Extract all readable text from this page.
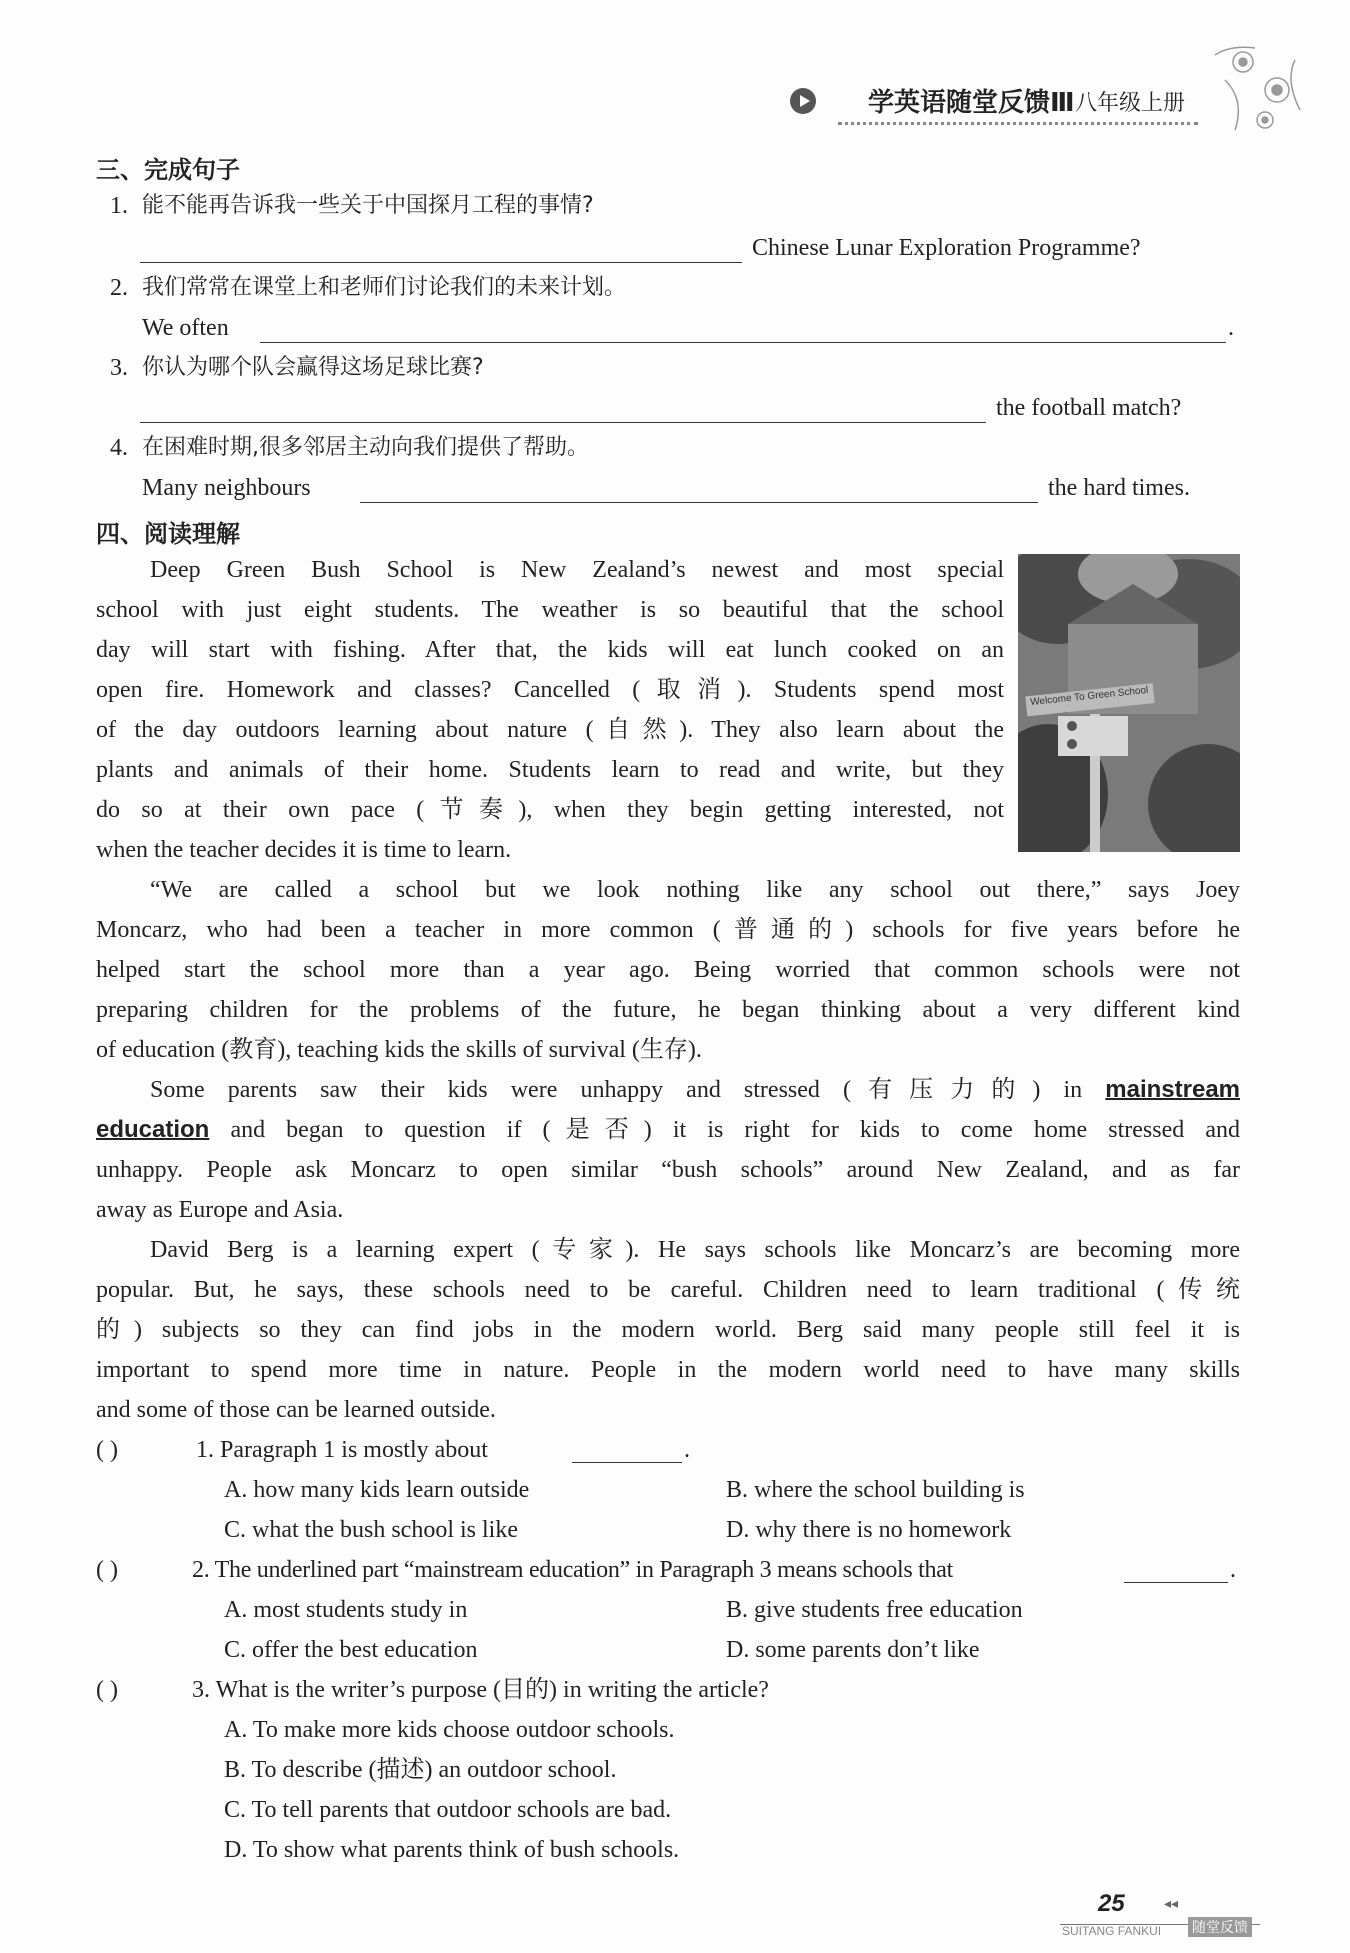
学英语随堂反馈Ⅲ 八年级上册
三、完成句子
1. 能不能再告诉我一些关于中国探月工程的事情?
Chinese Lunar Exploration Programme?
2. 我们常常在课堂上和老师们讨论我们的未来计划。
We often	.
3. 你认为哪个队会赢得这场足球比赛?
the football match?
4. 在困难时期,很多邻居主动向我们提供了帮助。
Many neighbours	the hard times.
四、阅读理解
Welcome To Green School
Deep Green Bush School is New Zealand’s newest and most special
school with just eight students. The weather is so beautiful that the school
day will start with fishing. After that, the kids will eat lunch cooked on an
open fire. Homework and classes? Cancelled (取消). Students spend most
of the day outdoors learning about nature (自然). They also learn about the
plants and animals of their home. Students learn to read and write, but they
do so at their own pace (节奏), when they begin getting interested, not
when the teacher decides it is time to learn.
“We are called a school but we look nothing like any school out there,” says Joey
Moncarz, who had been a teacher in more common (普通的) schools for five years before he
helped start the school more than a year ago. Being worried that common schools were not
preparing children for the problems of the future, he began thinking about a very different kind
of education (教育), teaching kids the skills of survival (生存).
Some parents saw their kids were unhappy and stressed (有压力的) in mainstream
education and began to question if (是否) it is right for kids to come home stressed and
unhappy. People ask Moncarz to open similar “bush schools” around New Zealand, and as far
away as Europe and Asia.
David Berg is a learning expert (专家). He says schools like Moncarz’s are becoming more
popular. But, he says, these schools need to be careful. Children need to learn traditional (传统
的) subjects so they can find jobs in the modern world. Berg said many people still feel it is
important to spend more time in nature. People in the modern world need to have many skills
and some of those can be learned outside.
( )	1. Paragraph 1 is mostly about	.
A. how many kids learn outside	B. where the school building is
C. what the bush school is like	D. why there is no homework
( )	2. The underlined part “mainstream education” in Paragraph 3 means schools that	.
A. most students study in	B. give students free education
C. offer the best education	D. some parents don’t like
( )	3. What is the writer’s purpose (目的) in writing the article?
A. To make more kids choose outdoor schools.
B. To describe (描述) an outdoor school.
C. To tell parents that outdoor schools are bad.
D. To show what parents think of bush schools.
25	◂◂
SUITANG FANKUI 随堂反馈
